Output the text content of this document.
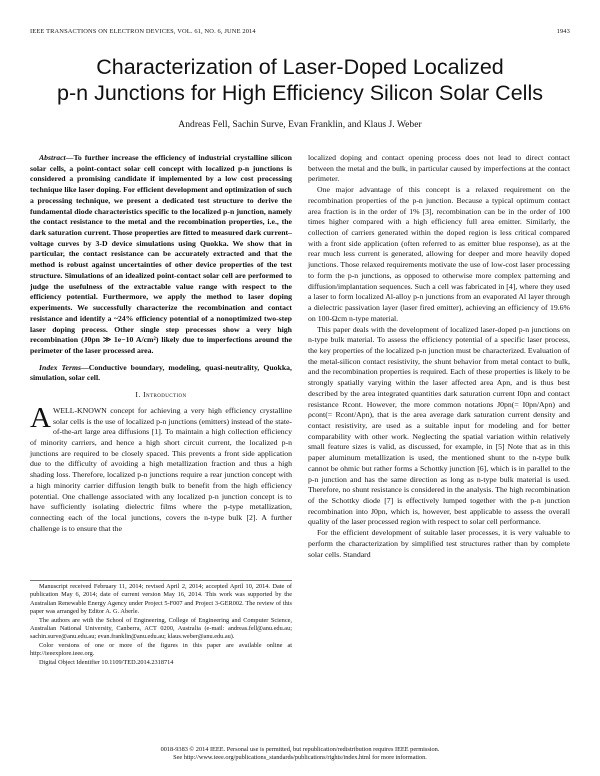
IEEE TRANSACTIONS ON ELECTRON DEVICES, VOL. 61, NO. 6, JUNE 2014	1943
Characterization of Laser-Doped Localized
p-n Junctions for High Efficiency Silicon Solar Cells
Andreas Fell, Sachin Surve, Evan Franklin, and Klaus J. Weber

Abstract—To further increase the efficiency of industrial crystalline silicon solar cells, a point-contact solar cell concept with localized p-n junctions is considered a promising candidate if implemented by a low cost processing technique like laser doping. For efficient development and optimization of such a processing technique, we present a dedicated test structure to derive the fundamental diode characteristics specific to the localized p-n junction, namely the contact resistance to the metal and the recombination properties, i.e., the dark saturation current. Those properties are fitted to measured dark current–voltage curves by 3-D device simulations using Quokka. We show that in particular, the contact resistance can be accurately extracted and that the method is robust against uncertainties of other device properties of the test structure. Simulations of an idealized point-contact solar cell are performed to judge the usefulness of the extractable value range with respect to the efficiency potential. Furthermore, we apply the method to laser doping experiments. We successfully characterize the recombination and contact resistance and identify a ~24% efficiency potential of a nonoptimized two-step laser doping process. Other single step processes show a very high recombination (J0pn ≫ 1e−10 A/cm²) likely due to imperfections around the perimeter of the laser processed area.

Index Terms—Conductive boundary, modeling, quasi-neutrality, Quokka, simulation, solar cell.

I. Introduction

AWELL-KNOWN concept for achieving a very high efficiency crystalline solar cells is the use of localized p-n junctions (emitters) instead of the state-of-the-art large area diffusions [1]. To maintain a high collection efficiency of minority carriers, and hence a high short circuit current, the localized p-n junctions are required to be closely spaced. This prevents a front side application due to the difficulty of avoiding a high metallization fraction and thus a high shading loss. Therefore, localized p-n junctions require a rear junction concept with a high minority carrier diffusion length bulk to benefit from the high efficiency potential. One challenge associated with any localized p-n junction concept is to have sufficiently isolating dielectric films where the p-type metallization, connecting each of the local junctions, covers the n-type bulk [2]. A further challenge is to ensure that the

Manuscript received February 11, 2014; revised April 2, 2014; accepted April 10, 2014. Date of publication May 6, 2014; date of current version May 16, 2014. This work was supported by the Australian Renewable Energy Agency under Project 5-F007 and Project 3-GER002. The review of this paper was arranged by Editor A. G. Aberle.

The authors are with the School of Engineering, College of Engineering and Computer Science, Australian National University, Canberra, ACT 0200, Australia (e-mail: andreas.fell@anu.edu.au; sachin.surve@anu.edu.au; evan.franklin@anu.edu.au; klaus.weber@anu.edu.au).

Color versions of one or more of the figures in this paper are available online at http://ieeexplore.ieee.org.

Digital Object Identifier 10.1109/TED.2014.2318714

localized doping and contact opening process does not lead to direct contact between the metal and the bulk, in particular caused by imperfections at the contact perimeter.

One major advantage of this concept is a relaxed requirement on the recombination properties of the p-n junction. Because a typical optimum contact area fraction is in the order of 1% [3], recombination can be in the order of 100 times higher compared with a high efficiency full area emitter. Similarly, the collection of carriers generated within the doped region is less critical compared with a front side application (often referred to as emitter blue response), as at the rear much less current is generated, allowing for deeper and more heavily doped junctions. Those relaxed requirements motivate the use of low-cost laser processing to form the p-n junctions, as opposed to otherwise more complex patterning and diffusion/implantation sequences. Such a cell was fabricated in [4], where they used a laser to form localized Al-alloy p-n junctions from an evaporated Al layer through a dielectric passivation layer (laser fired emitter), achieving an efficiency of 19.6% on 100-Ωcm n-type material.

This paper deals with the development of localized laser-doped p-n junctions on n-type bulk material. To assess the efficiency potential of a specific laser process, the key properties of the localized p-n junction must be characterized. Evaluation of the metal-silicon contact resistivity, the shunt behavior from metal contact to bulk, and the recombination properties is required. Each of these properties is likely to be strongly spatially varying within the laser affected area Apn, and is thus best described by the area integrated quantities dark saturation current I0pn and contact resistance Rcont. However, the more common notations J0pn(= I0pn/Apn) and ρcont(= Rcont/Apn), that is the area average dark saturation current density and contact resistivity, are used as a suitable input for modeling and for better comparability with other work. Neglecting the spatial variation within relatively small feature sizes is valid, as discussed, for example, in [5] Note that as in this paper aluminum metallization is used, the mentioned shunt to the n-type bulk cannot be ohmic but rather forms a Schottky junction [6], which is in parallel to the p-n junction and has the same direction as long as n-type bulk material is used. Therefore, no shunt resistance is considered in the analysis. The high recombination of the Schottky diode [7] is effectively lumped together with the p-n junction recombination into J0pn, which is, however, best applicable to assess the overall quality of the laser processed region with respect to solar cell performance.

For the efficient development of suitable laser processes, it is very valuable to perform the characterization by simplified test structures rather than by complete solar cells. Standard

0018-9383 © 2014 IEEE. Personal use is permitted, but republication/redistribution requires IEEE permission.
See http://www.ieee.org/publications_standards/publications/rights/index.html for more information.
